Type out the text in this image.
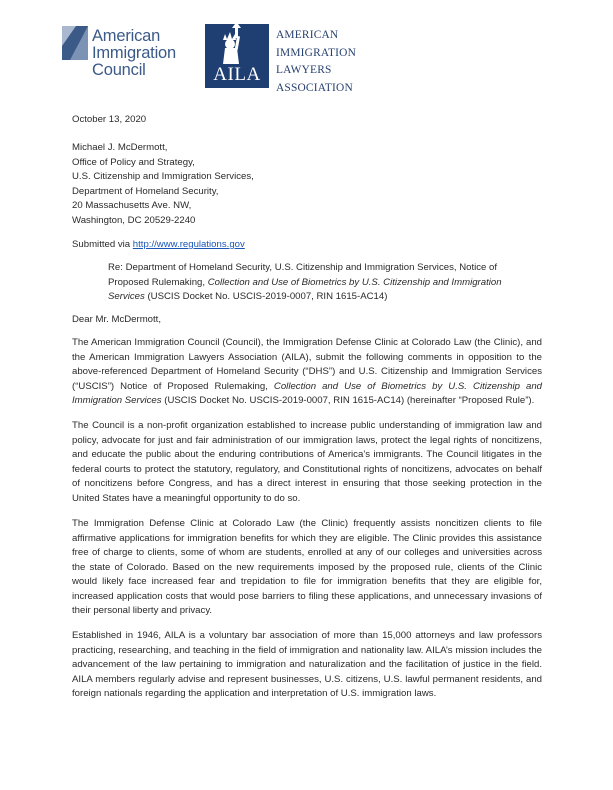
American
Immigration
Council	AILA
AMERICAN
IMMIGRATION
LAWYERS
ASSOCIATION
October 13, 2020
Michael J. McDermott,
Office of Policy and Strategy,
U.S. Citizenship and Immigration Services,
Department of Homeland Security,
20 Massachusetts Ave. NW,
Washington, DC 20529-2240
Submitted via http://www.regulations.gov
Re: Department of Homeland Security, U.S. Citizenship and Immigration Services, Notice of Proposed Rulemaking, Collection and Use of Biometrics by U.S. Citizenship and Immigration Services (USCIS Docket No. USCIS-2019-0007, RIN 1615-AC14)
Dear Mr. McDermott,
The American Immigration Council (Council), the Immigration Defense Clinic at Colorado Law (the Clinic), and the American Immigration Lawyers Association (AILA), submit the following comments in opposition to the above-referenced Department of Homeland Security (“DHS”) and U.S. Citizenship and Immigration Services (“USCIS”) Notice of Proposed Rulemaking, Collection and Use of Biometrics by U.S. Citizenship and Immigration Services (USCIS Docket No. USCIS-2019-0007, RIN 1615-AC14) (hereinafter “Proposed Rule”).
The Council is a non-profit organization established to increase public understanding of immigration law and policy, advocate for just and fair administration of our immigration laws, protect the legal rights of noncitizens, and educate the public about the enduring contributions of America’s immigrants. The Council litigates in the federal courts to protect the statutory, regulatory, and Constitutional rights of noncitizens, advocates on behalf of noncitizens before Congress, and has a direct interest in ensuring that those seeking protection in the United States have a meaningful opportunity to do so.
The Immigration Defense Clinic at Colorado Law (the Clinic) frequently assists noncitizen clients to file affirmative applications for immigration benefits for which they are eligible. The Clinic provides this assistance free of charge to clients, some of whom are students, enrolled at any of our colleges and universities across the state of Colorado. Based on the new requirements imposed by the proposed rule, clients of the Clinic would likely face increased fear and trepidation to file for immigration benefits that they are eligible for, increased application costs that would pose barriers to filing these applications, and unnecessary invasions of their personal liberty and privacy.
Established in 1946, AILA is a voluntary bar association of more than 15,000 attorneys and law professors practicing, researching, and teaching in the field of immigration and nationality law. AILA’s mission includes the advancement of the law pertaining to immigration and naturalization and the facilitation of justice in the field. AILA members regularly advise and represent businesses, U.S. citizens, U.S. lawful permanent residents, and foreign nationals regarding the application and interpretation of U.S. immigration laws.
